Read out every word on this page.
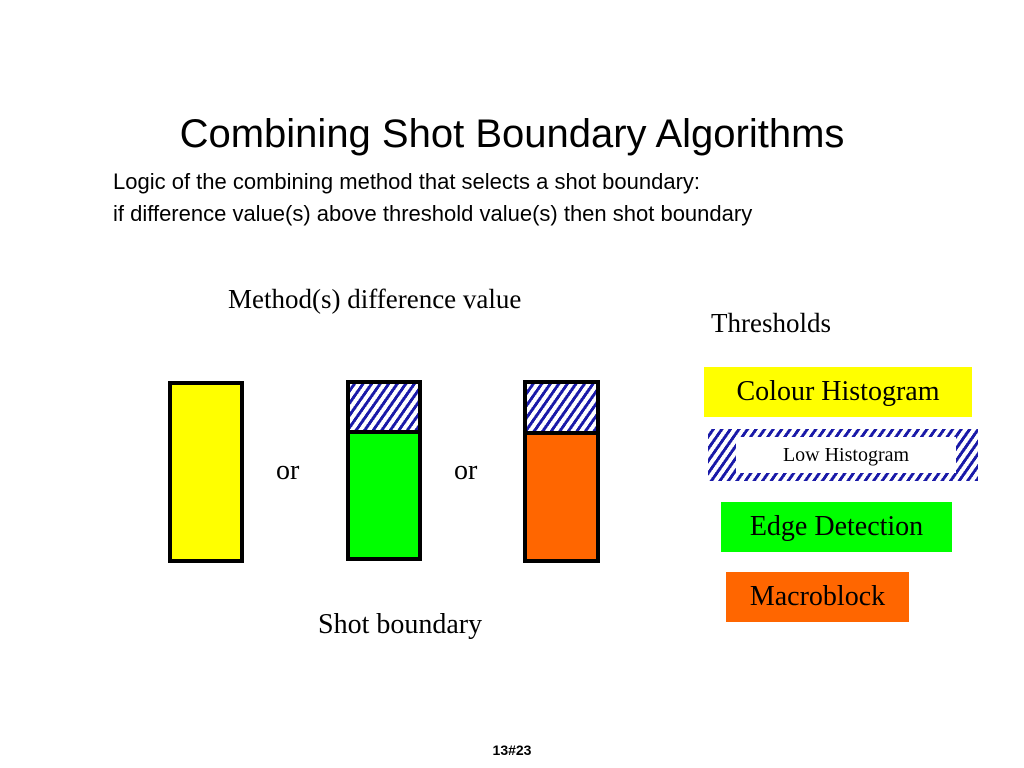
Combining Shot Boundary Algorithms
Logic of the combining method that selects a shot boundary:
if difference value(s) above threshold value(s) then shot boundary
Method(s) difference value
Thresholds
or	or
Shot boundary
Colour Histogram
Low Histogram
Edge Detection
Macroblock
13#23
